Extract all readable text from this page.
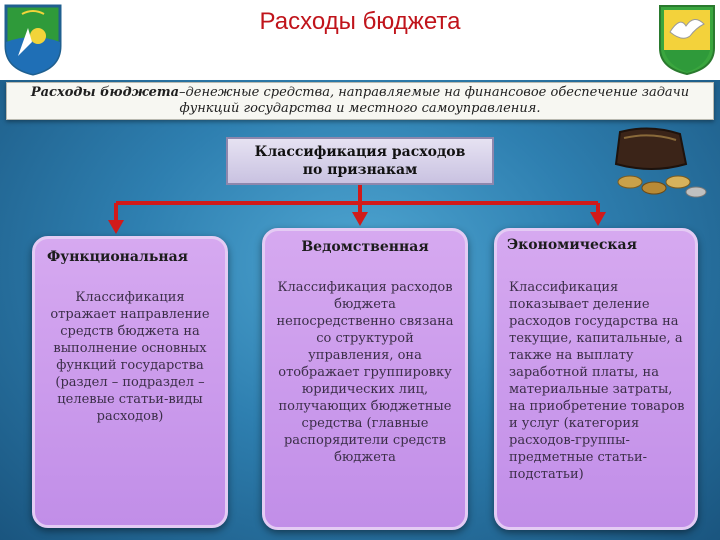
Расходы бюджета
Расходы бюджета–денежные средства, направляемые на финансовое обеспечение задачи функций государства и местного самоуправления.
Классификация расходов
по признакам
Функциональная
Классификация отражает направление средств бюджета на выполнение основных функций государства (раздел – подраздел – целевые статьи-виды расходов)
Ведомственная
Классификация расходов бюджета непосредственно связана со структурой управления, она отображает группировку юридических лиц, получающих бюджетные средства (главные распорядители средств бюджета
Экономическая
Классификация показывает деление расходов государства на текущие, капитальные, а также на выплату заработной платы, на материальные затраты, на приобретение товаров и услуг (категория расходов-группы-предметные статьи-подстатьи)
